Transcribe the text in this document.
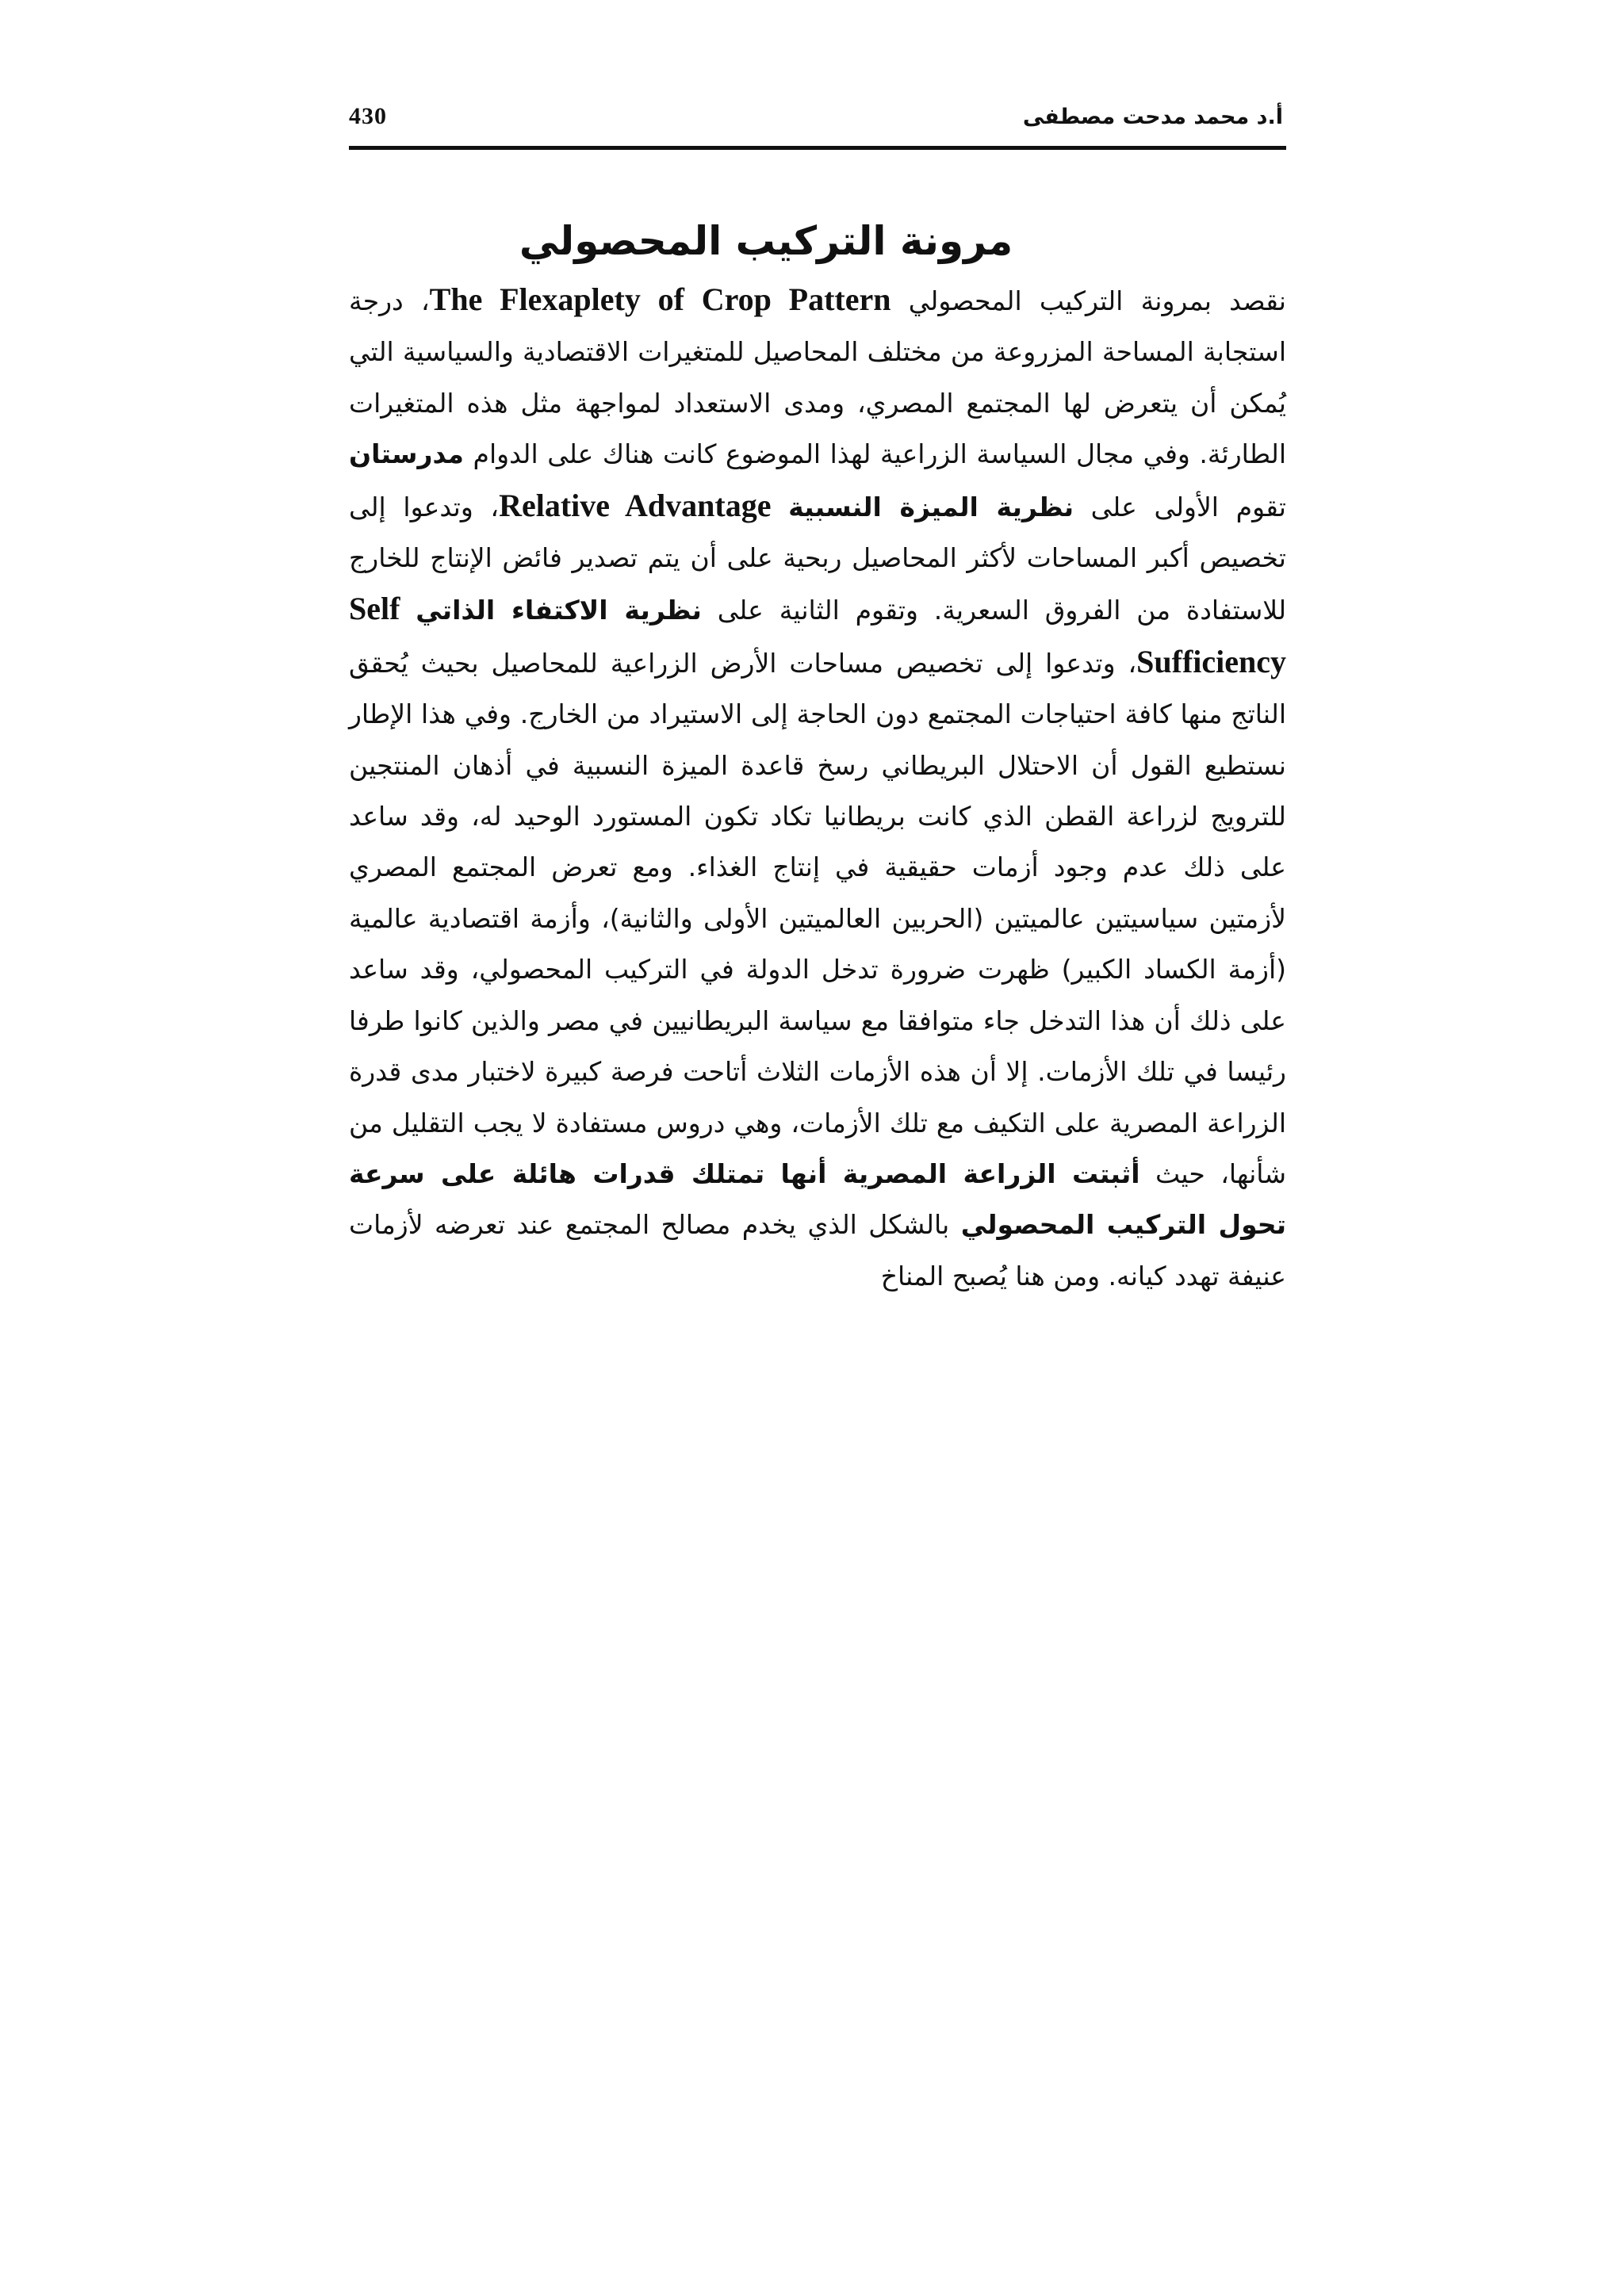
430	أ.د محمد مدحت مصطفى
مرونة التركيب المحصولي

نقصد بمرونة التركيب المحصولي The Flexaplety of Crop Pattern، درجة استجابة المساحة المزروعة من مختلف المحاصيل للمتغيرات الاقتصادية والسياسية التي يُمكن أن يتعرض لها المجتمع المصري، ومدى الاستعداد لمواجهة مثل هذه المتغيرات الطارئة. وفي مجال السياسة الزراعية لهذا الموضوع كانت هناك على الدوام مدرستان تقوم الأولى على نظرية الميزة النسبية Relative Advantage، وتدعوا إلى تخصيص أكبر المساحات لأكثر المحاصيل ربحية على أن يتم تصدير فائض الإنتاج للخارج للاستفادة من الفروق السعرية. وتقوم الثانية على نظرية الاكتفاء الذاتي Self Sufficiency، وتدعوا إلى تخصيص مساحات الأرض الزراعية للمحاصيل بحيث يُحقق الناتج منها كافة احتياجات المجتمع دون الحاجة إلى الاستيراد من الخارج. وفي هذا الإطار نستطيع القول أن الاحتلال البريطاني رسخ قاعدة الميزة النسبية في أذهان المنتجين للترويج لزراعة القطن الذي كانت بريطانيا تكاد تكون المستورد الوحيد له، وقد ساعد على ذلك عدم وجود أزمات حقيقية في إنتاج الغذاء. ومع تعرض المجتمع المصري لأزمتين سياسيتين عالميتين (الحربين العالميتين الأولى والثانية)، وأزمة اقتصادية عالمية (أزمة الكساد الكبير) ظهرت ضرورة تدخل الدولة في التركيب المحصولي، وقد ساعد على ذلك أن هذا التدخل جاء متوافقا مع سياسة البريطانيين في مصر والذين كانوا طرفا رئيسا في تلك الأزمات. إلا أن هذه الأزمات الثلاث أتاحت فرصة كبيرة لاختبار مدى قدرة الزراعة المصرية على التكيف مع تلك الأزمات، وهي دروس مستفادة لا يجب التقليل من شأنها، حيث أثبتت الزراعة المصرية أنها تمتلك قدرات هائلة على سرعة تحول التركيب المحصولي بالشكل الذي يخدم مصالح المجتمع عند تعرضه لأزمات عنيفة تهدد كيانه. ومن هنا يُصبح المناخ
